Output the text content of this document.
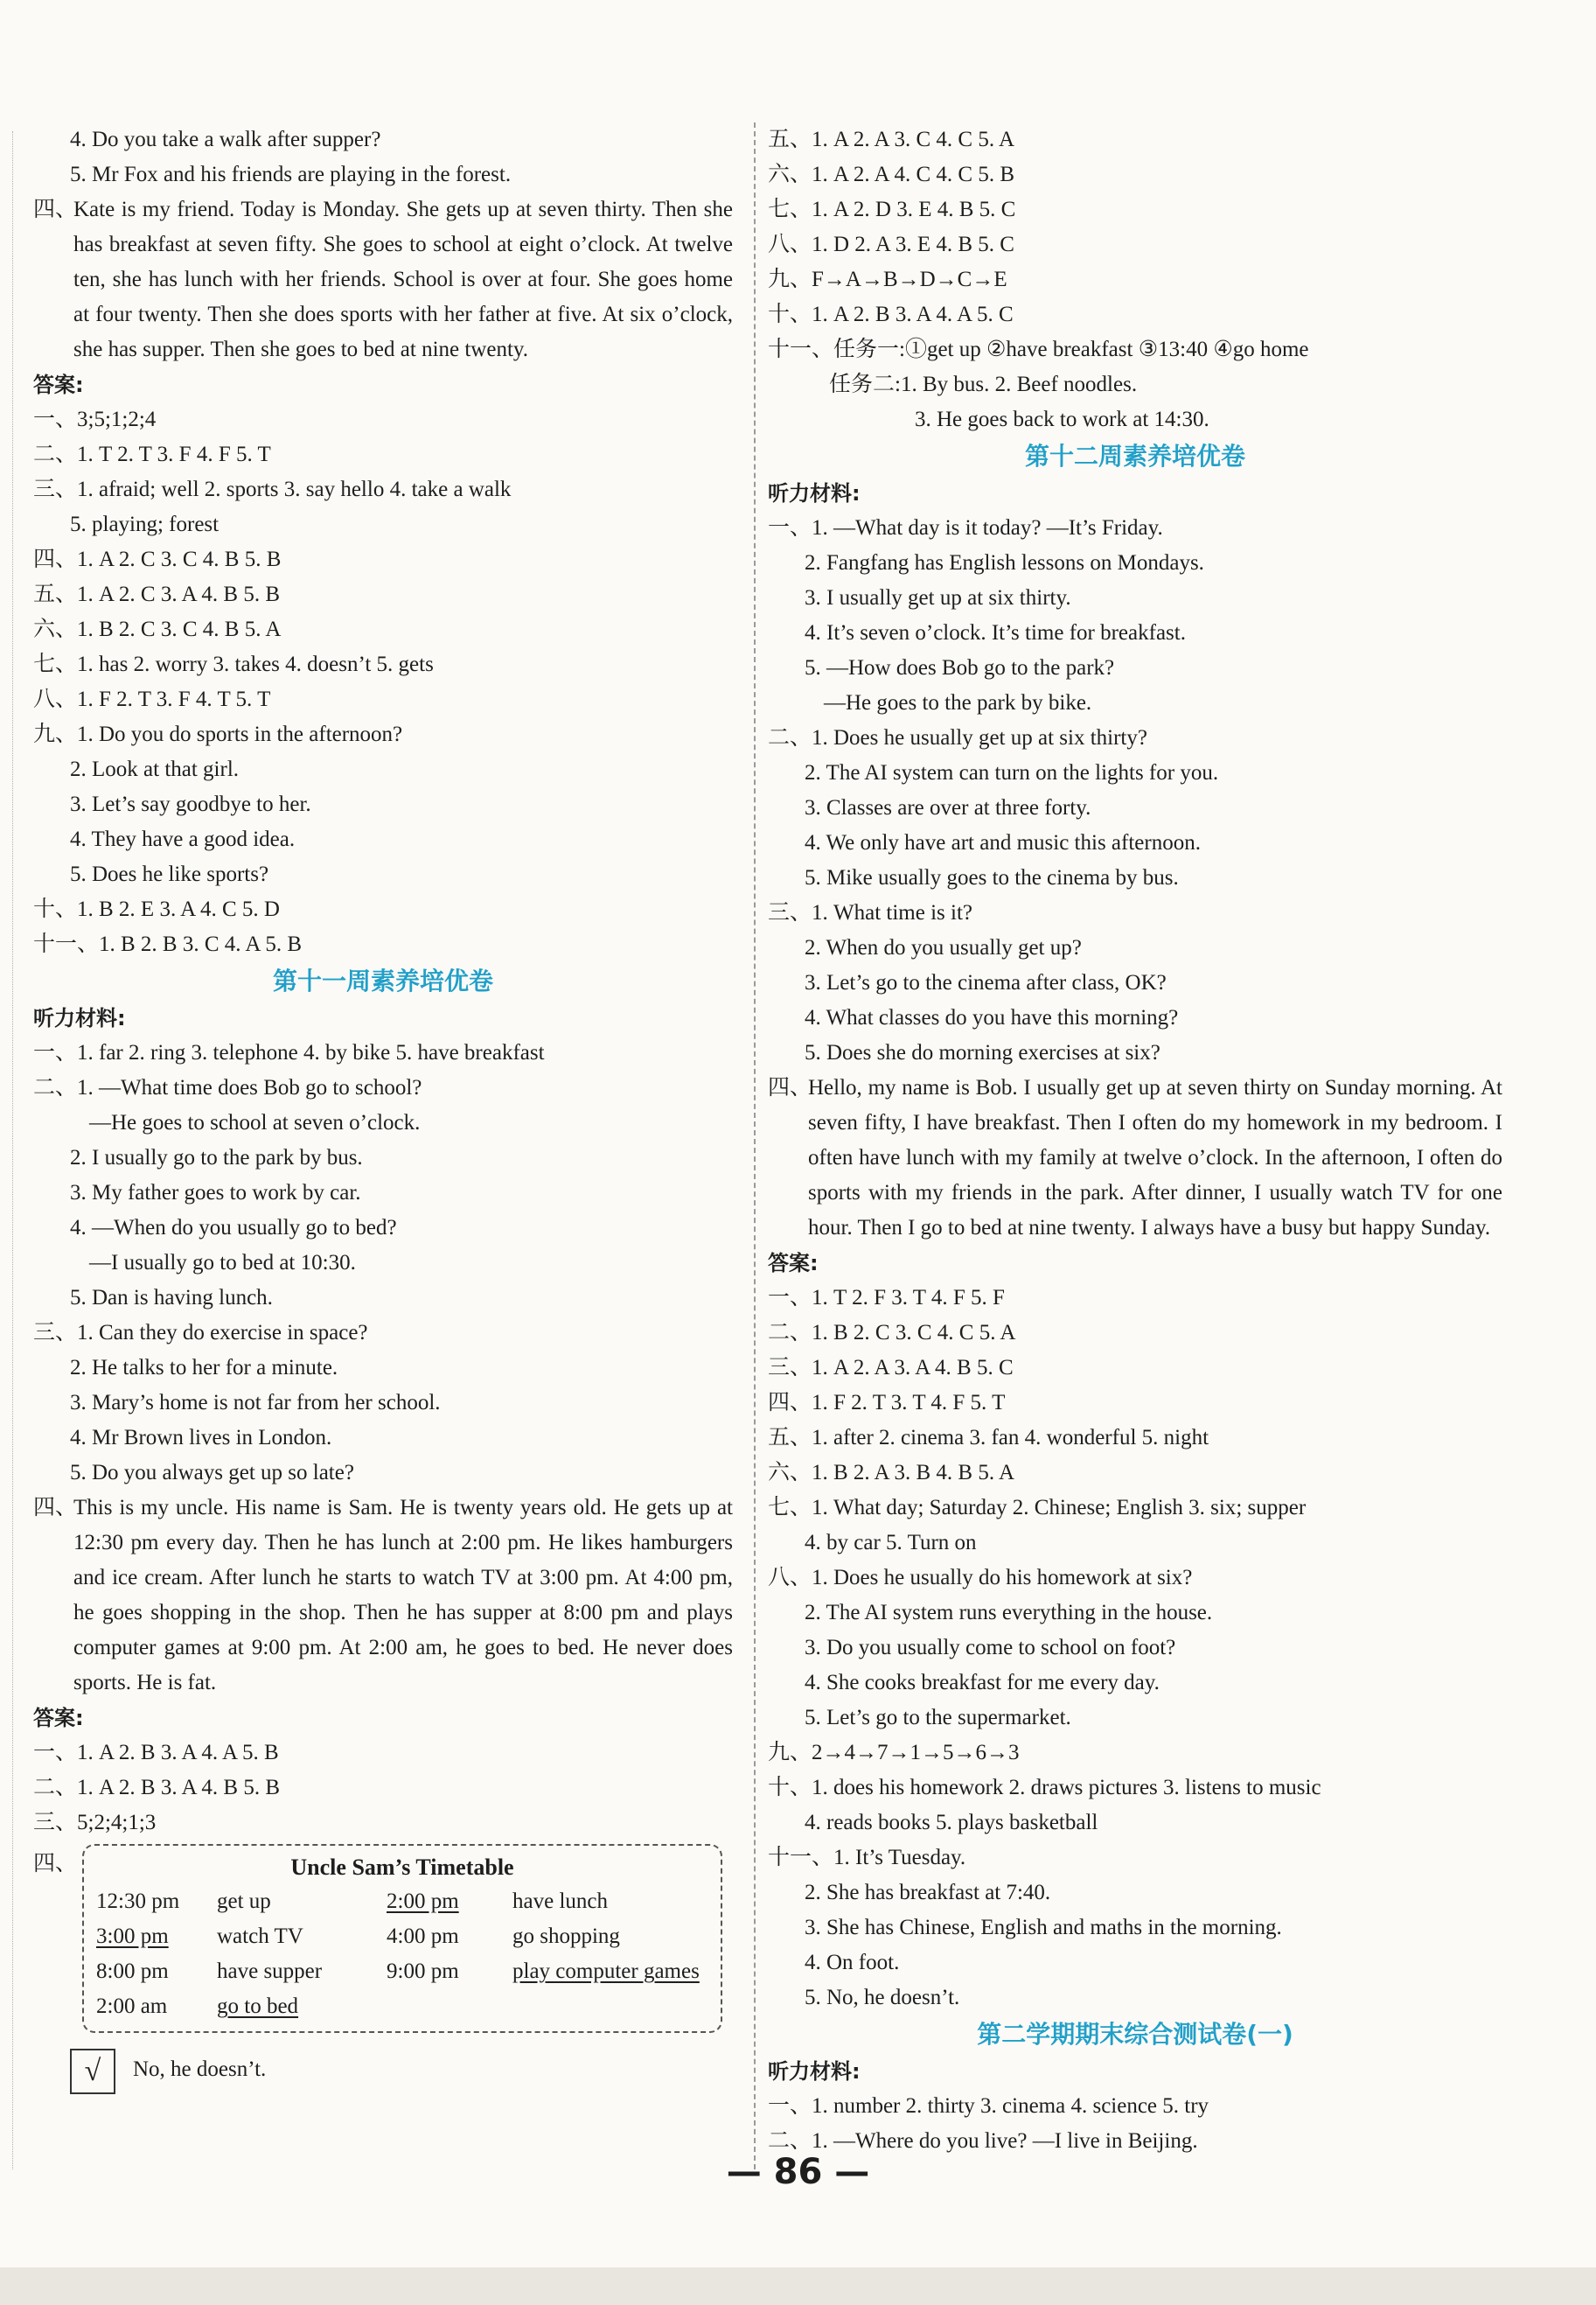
4. Do you take a walk after supper?
5. Mr Fox and his friends are playing in the forest.
四、
Kate is my friend. Today is Monday. She gets up at seven thirty. Then she has breakfast at seven fifty. She goes to school at eight o’clock. At twelve ten, she has lunch with her friends. School is over at four. She goes home at four twenty. Then she does sports with her father at five. At six o’clock, she has supper. Then she goes to bed at nine twenty.
答案:
一、3;5;1;2;4
二、1. T 2. T 3. F 4. F 5. T
三、1. afraid; well 2. sports 3. say hello 4. take a walk
5. playing; forest
四、1. A 2. C 3. C 4. B 5. B
五、1. A 2. C 3. A 4. B 5. B
六、1. B 2. C 3. C 4. B 5. A
七、1. has 2. worry 3. takes 4. doesn’t 5. gets
八、1. F 2. T 3. F 4. T 5. T
九、1. Do you do sports in the afternoon?
2. Look at that girl.
3. Let’s say goodbye to her.
4. They have a good idea.
5. Does he like sports?
十、1. B 2. E 3. A 4. C 5. D
十一、1. B 2. B 3. C 4. A 5. B
第十一周素养培优卷
听力材料:
一、1. far 2. ring 3. telephone 4. by bike 5. have breakfast
二、1. —What time does Bob go to school?
—He goes to school at seven o’clock.
2. I usually go to the park by bus.
3. My father goes to work by car.
4. —When do you usually go to bed?
—I usually go to bed at 10:30.
5. Dan is having lunch.
三、1. Can they do exercise in space?
2. He talks to her for a minute.
3. Mary’s home is not far from her school.
4. Mr Brown lives in London.
5. Do you always get up so late?
四、
This is my uncle. His name is Sam. He is twenty years old. He gets up at 12:30 pm every day. Then he has lunch at 2:00 pm. He likes hamburgers and ice cream. After lunch he starts to watch TV at 3:00 pm. At 4:00 pm, he goes shopping in the shop. Then he has supper at 8:00 pm and plays computer games at 9:00 pm. At 2:00 am, he goes to bed. He never does sports. He is fat.
答案:
一、1. A 2. B 3. A 4. A 5. B
二、1. A 2. B 3. A 4. B 5. B
三、5;2;4;1;3
四、	Uncle Sam’s Timetable
12:30 pm get up	2:00 pm have lunch
3:00 pm watch TV	4:00 pm go shopping
8:00 pm have supper	9:00 pm play computer games
2:00 am go to bed
√	No, he doesn’t.
五、1. A 2. A 3. C 4. C 5. A
六、1. A 2. A 4. C 4. C 5. B
七、1. A 2. D 3. E 4. B 5. C
八、1. D 2. A 3. E 4. B 5. C
九、F→A→B→D→C→E
十、1. A 2. B 3. A 4. A 5. C
十一、任务一:①get up ②have breakfast ③13:40 ④go home
任务二:1. By bus. 2. Beef noodles.
3. He goes back to work at 14:30.
第十二周素养培优卷
听力材料:
一、1. —What day is it today? —It’s Friday.
2. Fangfang has English lessons on Mondays.
3. I usually get up at six thirty.
4. It’s seven o’clock. It’s time for breakfast.
5. —How does Bob go to the park?
—He goes to the park by bike.
二、1. Does he usually get up at six thirty?
2. The AI system can turn on the lights for you.
3. Classes are over at three forty.
4. We only have art and music this afternoon.
5. Mike usually goes to the cinema by bus.
三、1. What time is it?
2. When do you usually get up?
3. Let’s go to the cinema after class, OK?
4. What classes do you have this morning?
5. Does she do morning exercises at six?
四、
Hello, my name is Bob. I usually get up at seven thirty on Sunday morning. At seven fifty, I have breakfast. Then I often do my homework in my bedroom. I often have lunch with my family at twelve o’clock. In the afternoon, I often do sports with my friends in the park. After dinner, I usually watch TV for one hour. Then I go to bed at nine twenty. I always have a busy but happy Sunday.
答案:
一、1. T 2. F 3. T 4. F 5. F
二、1. B 2. C 3. C 4. C 5. A
三、1. A 2. A 3. A 4. B 5. C
四、1. F 2. T 3. T 4. F 5. T
五、1. after 2. cinema 3. fan 4. wonderful 5. night
六、1. B 2. A 3. B 4. B 5. A
七、1. What day; Saturday 2. Chinese; English 3. six; supper
4. by car 5. Turn on
八、1. Does he usually do his homework at six?
2. The AI system runs everything in the house.
3. Do you usually come to school on foot?
4. She cooks breakfast for me every day.
5. Let’s go to the supermarket.
九、2→4→7→1→5→6→3
十、1. does his homework 2. draws pictures 3. listens to music
4. reads books 5. plays basketball
十一、1. It’s Tuesday.
2. She has breakfast at 7:40.
3. She has Chinese, English and maths in the morning.
4. On foot.
5. No, he doesn’t.
第二学期期末综合测试卷(一)
听力材料:
一、1. number 2. thirty 3. cinema 4. science 5. try
二、1. —Where do you live? —I live in Beijing.
— 86 —
